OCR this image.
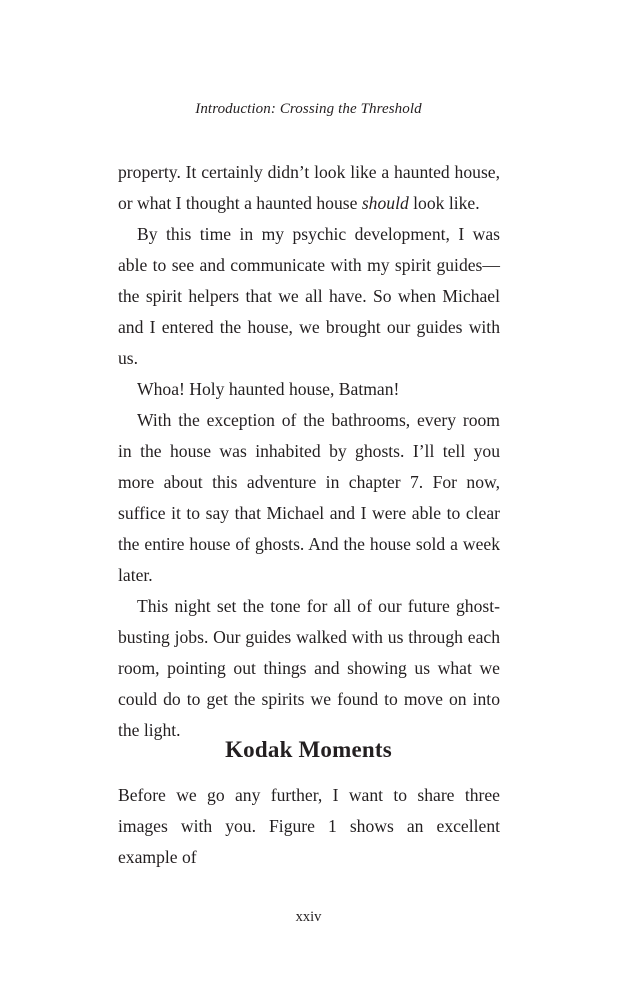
Introduction: Crossing the Threshold

property. It certainly didn’t look like a haunted house, or what I thought a haunted house should look like.

By this time in my psychic development, I was able to see and communicate with my spirit guides—the spirit helpers that we all have. So when Michael and I entered the house, we brought our guides with us.

Whoa! Holy haunted house, Batman!

With the exception of the bathrooms, every room in the house was inhabited by ghosts. I’ll tell you more about this adventure in chapter 7. For now, suffice it to say that Michael and I were able to clear the entire house of ghosts. And the house sold a week later.

This night set the tone for all of our future ghost-busting jobs. Our guides walked with us through each room, pointing out things and showing us what we could do to get the spirits we found to move on into the light.

Kodak Moments

Before we go any further, I want to share three images with you. Figure 1 shows an excellent example of

xxiv
